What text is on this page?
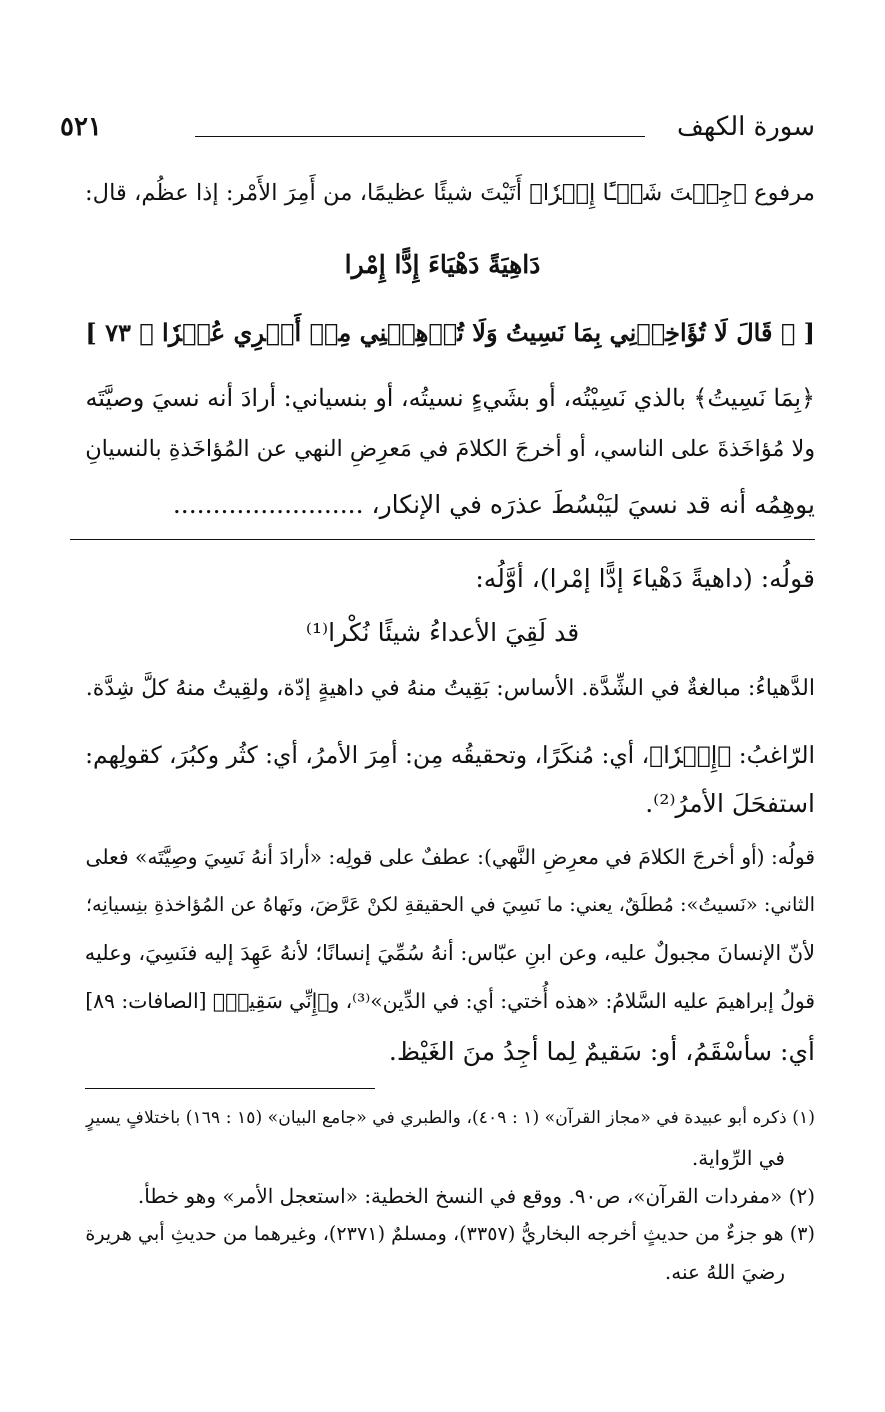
سورة الكهف
٥٢١
مرفوع ﴿جِئۡتَ شَيۡـًٔا إِمۡرٗا﴾ أَتَيْتَ شيئًا عظيمًا، من أَمِرَ الأَمْر: إذا عظُم، قال:
دَاهِيَةً دَهْيَاءَ إِدًّا إِمْرا
[ ﴿ قَالَ لَا تُؤَاخِذۡنِي بِمَا نَسِيتُ وَلَا تُرۡهِقۡنِي مِنۡ أَمۡرِي عُسۡرٗا ﴾ ٧٣ ]
﴿بِمَا نَسِيتُ﴾ بالذي نَسِيْتُه، أو بشَيءٍ نسيتُه، أو بنسياني: أرادَ أنه نسيَ وصيَّتَه
ولا مُؤاخَذةَ على الناسي، أو أخرجَ الكلامَ في مَعرِضِ النهي عن المُؤاخَذةِ بالنسيانِ
يوهِمُه أنه قد نسيَ ليَبْسُطَ عذرَه في الإنكار، ........................
قولُه: (داهيةً دَهْياءَ إدًّا إمْرا)، أوَّلُه:
قد لَقِيَ الأعداءُ شيئًا نُكْرا⁽¹⁾
الدَّهياءُ: مبالغةٌ في الشِّدَّة. الأساس: بَقِيتُ منهُ في داهيةٍ إدّة، ولقِيتُ منهُ كلَّ شِدَّة.
الرّاغبُ: ﴿إِمۡرٗا﴾، أي: مُنكَرًا، وتحقيقُه مِن: أمِرَ الأمرُ، أي: كثُر وكبُرَ، كقولِهم:
استفحَلَ الأمرُ⁽²⁾.
قولُه: (أو أخرجَ الكلامَ في معرِضِ النَّهي): عطفٌ على قولِه: «أرادَ أنهُ نَسِيَ وصِيَّتَه» فعلى
الثاني: «نَسيتُ»: مُطلَقٌ، يعني: ما نَسِيَ في الحقيقةِ لكنْ عَرَّضَ، ونَهاهُ عن المُؤاخذةِ بنِسيانِه؛
لأنّ الإنسانَ مجبولٌ عليه، وعن ابنِ عبّاس: أنهُ سُمِّيَ إنسانًا؛ لأنهُ عَهِدَ إليه فنَسِيَ، وعليه
قولُ إبراهيمَ عليه السَّلامُ: «هذه أُختي: أي: في الدِّين»⁽³⁾، و﴿إِنِّي سَقِيمٞ﴾ [الصافات: ٨٩]
أي: سأسْقَمُ، أو: سَقيمٌ لِما أجِدُ منَ الغَيْظ.
(١) ذكره أبو عبيدة في «مجاز القرآن» (١ : ٤٠٩)، والطبري في «جامع البيان» (١٥ : ١٦٩) باختلافٍ يسيرٍ
في الرِّواية.
(٢) «مفردات القرآن»، ص٩٠. ووقع في النسخ الخطية: «استعجل الأمر» وهو خطأ.
(٣) هو جزءٌ من حديثٍ أخرجه البخاريُّ (٣٣٥٧)، ومسلمٌ (٢٣٧١)، وغيرهما من حديثِ أبي هريرة
رضيَ اللهُ عنه.
